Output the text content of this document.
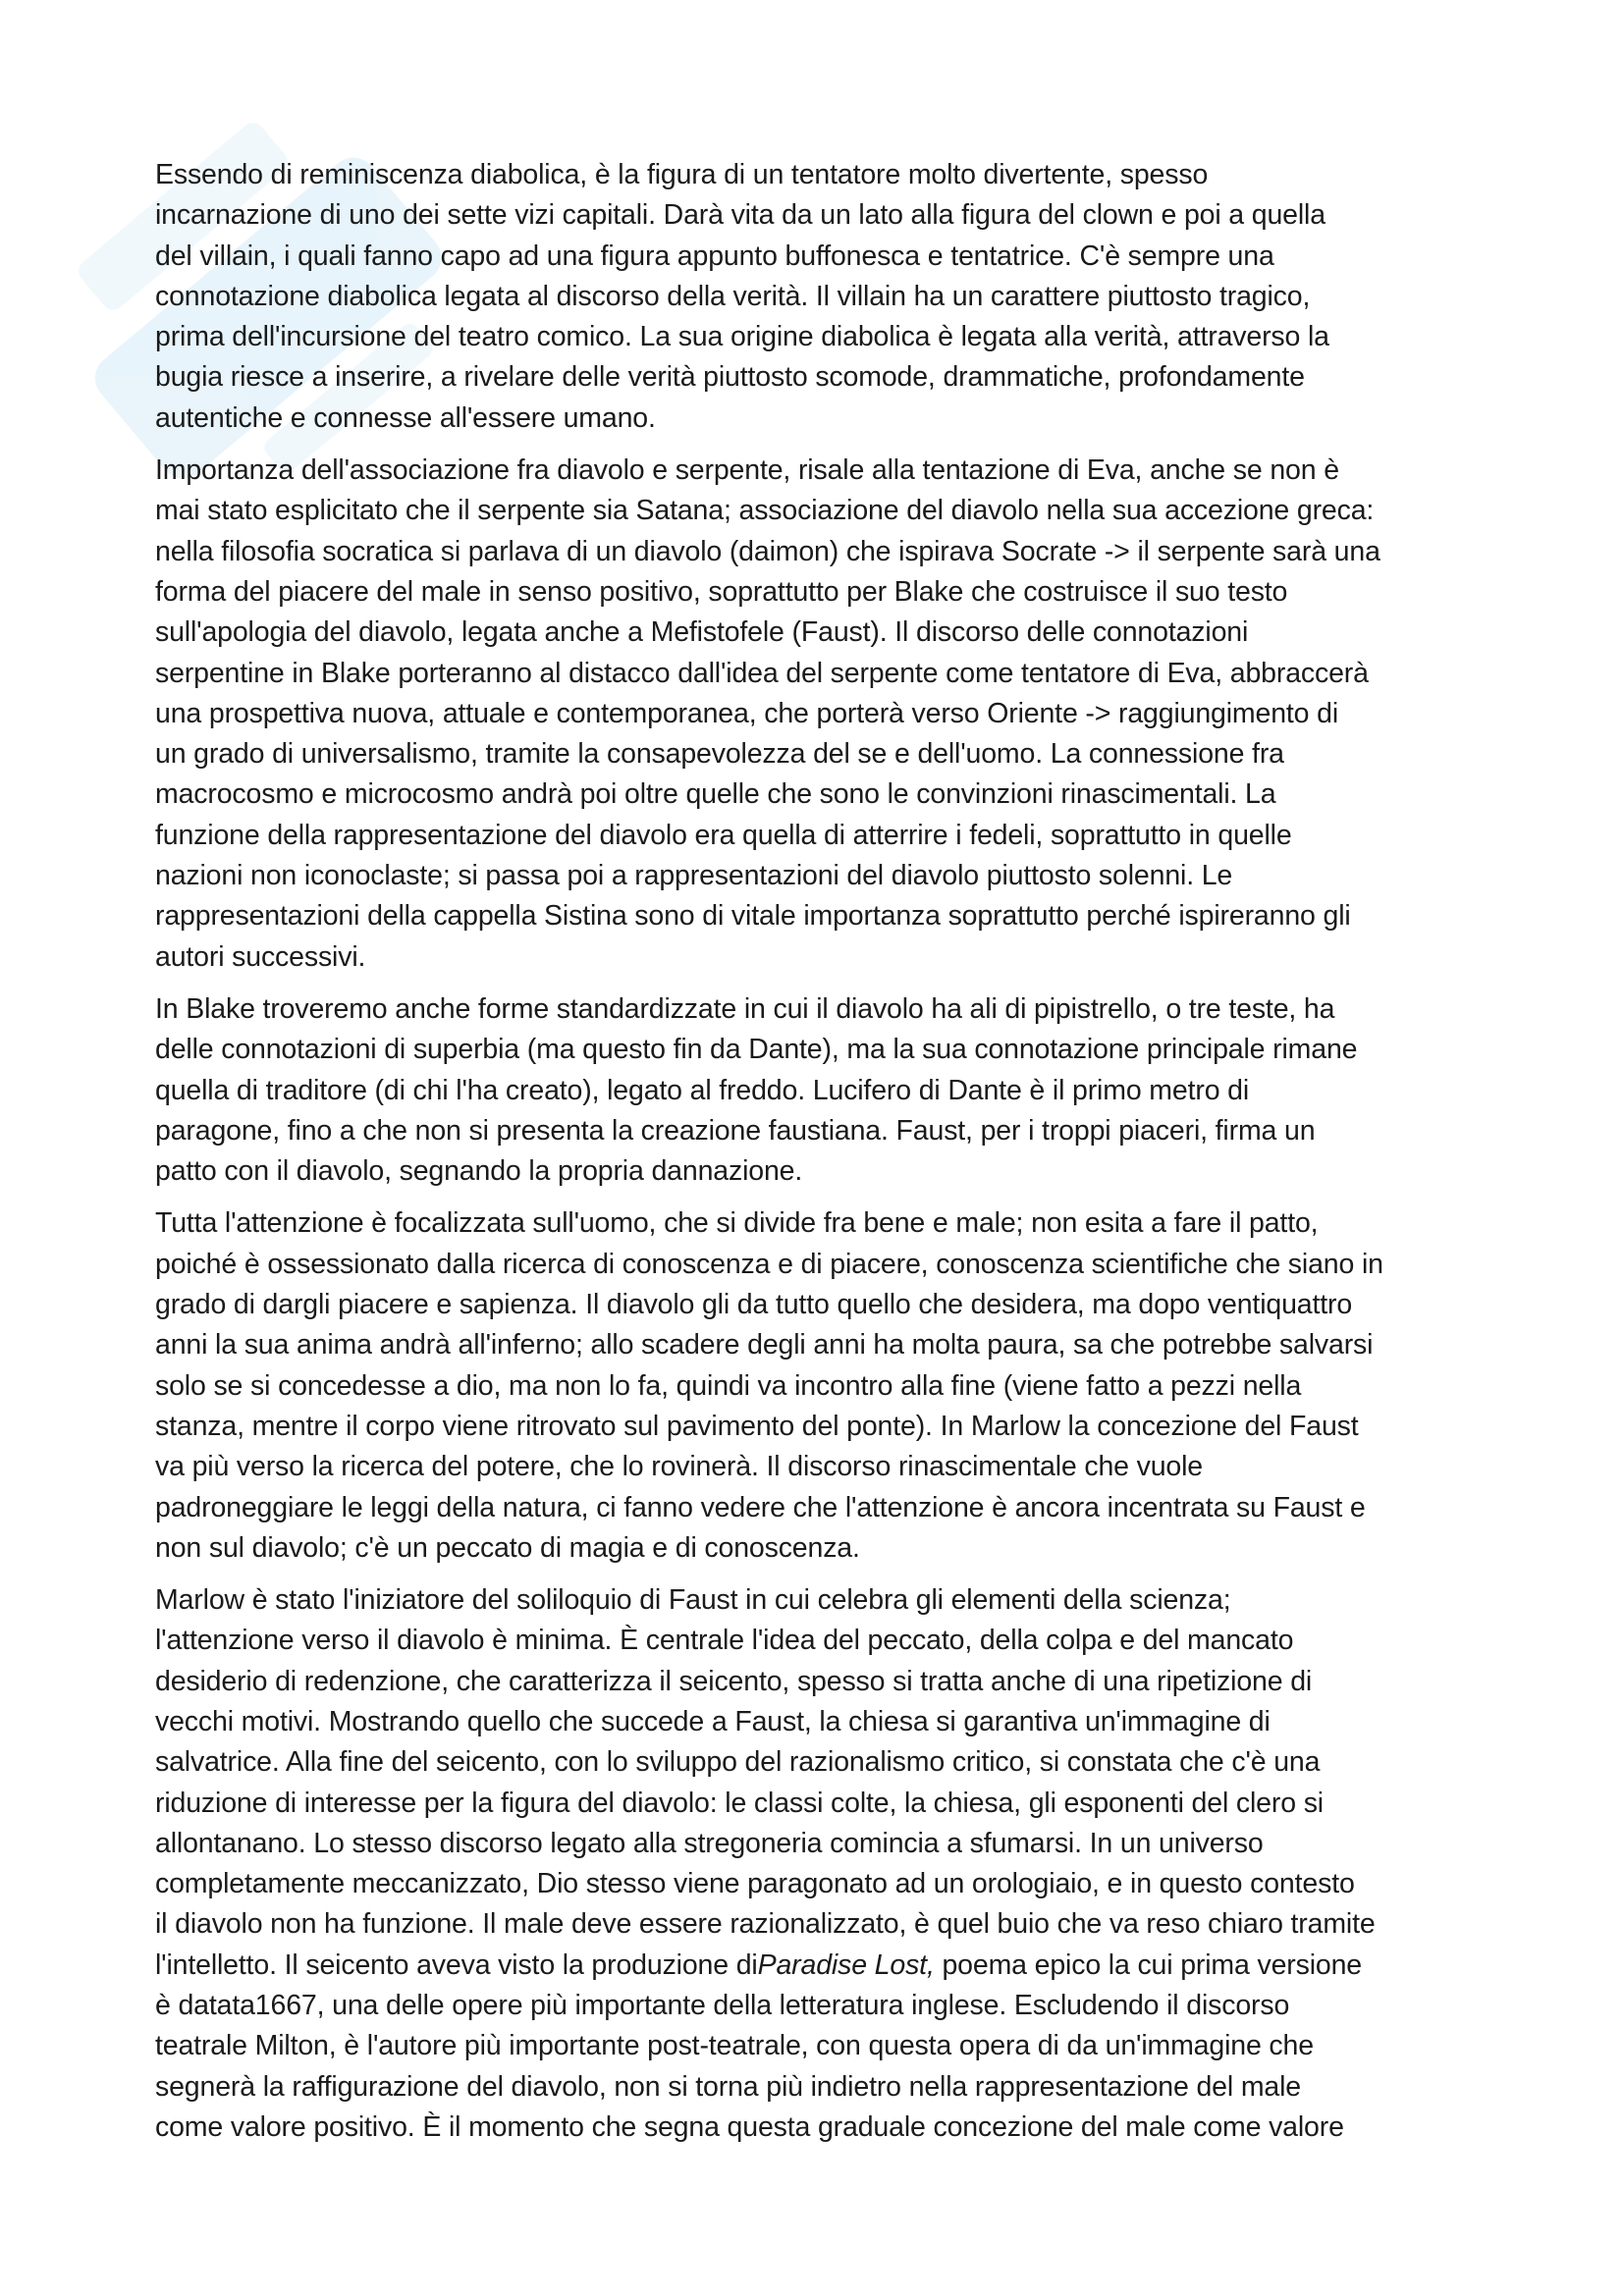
Essendo di reminiscenza diabolica, è la figura di un tentatore molto divertente, spesso
incarnazione di uno dei sette vizi capitali. Darà vita da un lato alla figura del clown e poi a quella
del villain, i quali fanno capo ad una figura appunto buffonesca e tentatrice. C'è sempre una
connotazione diabolica legata al discorso della verità. Il villain ha un carattere piuttosto tragico,
prima dell'incursione del teatro comico. La sua origine diabolica è legata alla verità, attraverso la
bugia riesce a inserire, a rivelare delle verità piuttosto scomode, drammatiche, profondamente
autentiche e connesse all'essere umano.

Importanza dell'associazione fra diavolo e serpente, risale alla tentazione di Eva, anche se non è
mai stato esplicitato che il serpente sia Satana; associazione del diavolo nella sua accezione greca:
nella filosofia socratica si parlava di un diavolo (daimon) che ispirava Socrate -> il serpente sarà una
forma del piacere del male in senso positivo, soprattutto per Blake che costruisce il suo testo
sull'apologia del diavolo, legata anche a Mefistofele (Faust). Il discorso delle connotazioni
serpentine in Blake porteranno al distacco dall'idea del serpente come tentatore di Eva, abbraccerà
una prospettiva nuova, attuale e contemporanea, che porterà verso Oriente -> raggiungimento di
un grado di universalismo, tramite la consapevolezza del se e dell'uomo. La connessione fra
macrocosmo e microcosmo andrà poi oltre quelle che sono le convinzioni rinascimentali. La
funzione della rappresentazione del diavolo era quella di atterrire i fedeli, soprattutto in quelle
nazioni non iconoclaste; si passa poi a rappresentazioni del diavolo piuttosto solenni. Le
rappresentazioni della cappella Sistina sono di vitale importanza soprattutto perché ispireranno gli
autori successivi.

In Blake troveremo anche forme standardizzate in cui il diavolo ha ali di pipistrello, o tre teste, ha
delle connotazioni di superbia (ma questo fin da Dante), ma la sua connotazione principale rimane
quella di traditore (di chi l'ha creato), legato al freddo. Lucifero di Dante è il primo metro di
paragone, fino a che non si presenta la creazione faustiana. Faust, per i troppi piaceri, firma un
patto con il diavolo, segnando la propria dannazione.

Tutta l'attenzione è focalizzata sull'uomo, che si divide fra bene e male; non esita a fare il patto,
poiché è ossessionato dalla ricerca di conoscenza e di piacere, conoscenza scientifiche che siano in
grado di dargli piacere e sapienza. Il diavolo gli da tutto quello che desidera, ma dopo ventiquattro
anni la sua anima andrà all'inferno; allo scadere degli anni ha molta paura, sa che potrebbe salvarsi
solo se si concedesse a dio, ma non lo fa, quindi va incontro alla fine (viene fatto a pezzi nella
stanza, mentre il corpo viene ritrovato sul pavimento del ponte). In Marlow la concezione del Faust
va più verso la ricerca del potere, che lo rovinerà. Il discorso rinascimentale che vuole
padroneggiare le leggi della natura, ci fanno vedere che l'attenzione è ancora incentrata su Faust e
non sul diavolo; c'è un peccato di magia e di conoscenza.

Marlow è stato l'iniziatore del soliloquio di Faust in cui celebra gli elementi della scienza;
l'attenzione verso il diavolo è minima. È centrale l'idea del peccato, della colpa e del mancato
desiderio di redenzione, che caratterizza il seicento, spesso si tratta anche di una ripetizione di
vecchi motivi. Mostrando quello che succede a Faust, la chiesa si garantiva un'immagine di
salvatrice. Alla fine del seicento, con lo sviluppo del razionalismo critico, si constata che c'è una
riduzione di interesse per la figura del diavolo: le classi colte, la chiesa, gli esponenti del clero si
allontanano. Lo stesso discorso legato alla stregoneria comincia a sfumarsi. In un universo
completamente meccanizzato, Dio stesso viene paragonato ad un orologiaio, e in questo contesto
il diavolo non ha funzione. Il male deve essere razionalizzato, è quel buio che va reso chiaro tramite
l'intelletto. Il seicento aveva visto la produzione diParadise Lost, poema epico la cui prima versione
è datata1667, una delle opere più importante della letteratura inglese. Escludendo il discorso
teatrale Milton, è l'autore più importante post-teatrale, con questa opera di da un'immagine che
segnerà la raffigurazione del diavolo, non si torna più indietro nella rappresentazione del male
come valore positivo. È il momento che segna questa graduale concezione del male come valore
